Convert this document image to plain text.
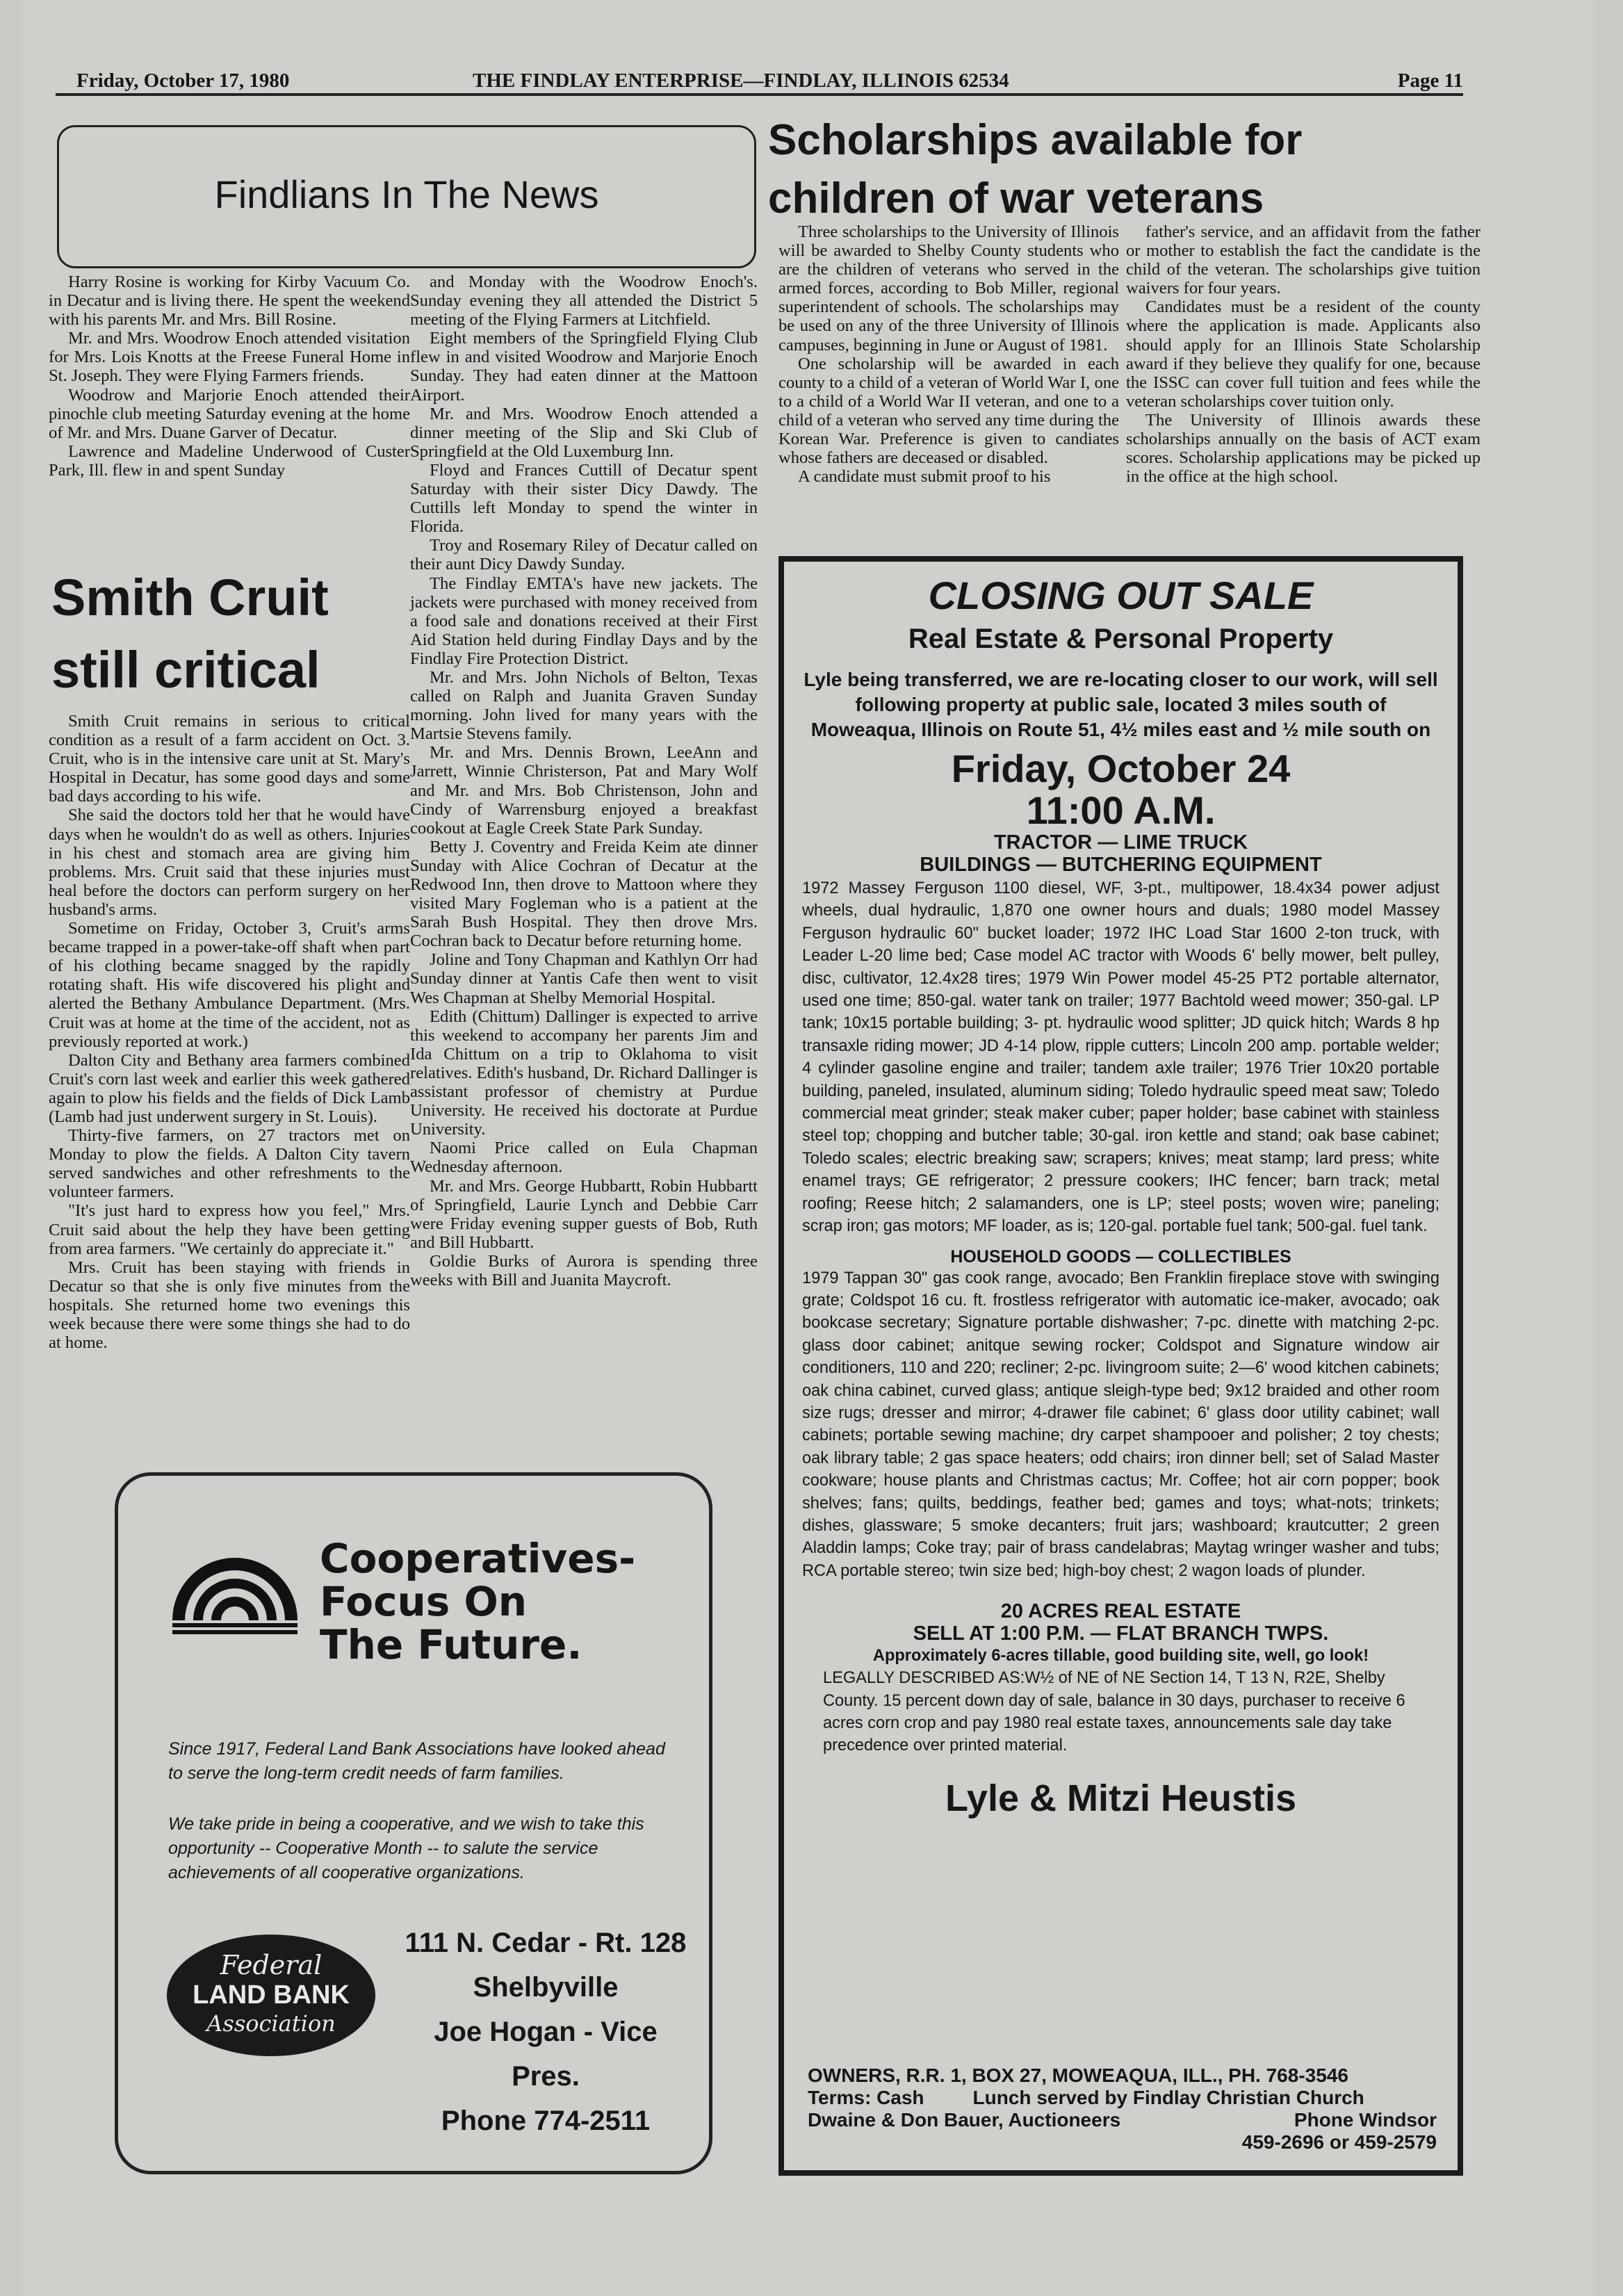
Friday, October 17, 1980	THE FINDLAY ENTERPRISE—FINDLAY, ILLINOIS 62534	Page 11
Findlians In The News

Harry Rosine is working for Kirby Vacuum Co. in Decatur and is living there. He spent the weekend with his parents Mr. and Mrs. Bill Rosine.

Mr. and Mrs. Woodrow Enoch attended visitation for Mrs. Lois Knotts at the Freese Funeral Home in St. Joseph. They were Flying Farmers friends.

Woodrow and Marjorie Enoch attended their pinochle club meeting Saturday evening at the home of Mr. and Mrs. Duane Garver of Decatur.

Lawrence and Madeline Underwood of Custer Park, Ill. flew in and spent Sunday

Smith Cruit
still critical

Smith Cruit remains in serious to critical condition as a result of a farm accident on Oct. 3. Cruit, who is in the intensive care unit at St. Mary's Hospital in Decatur, has some good days and some bad days according to his wife.

She said the doctors told her that he would have days when he wouldn't do as well as others. Injuries in his chest and stomach area are giving him problems. Mrs. Cruit said that these injuries must heal before the doctors can perform surgery on her husband's arms.

Sometime on Friday, October 3, Cruit's arms became trapped in a power-take-off shaft when part of his clothing became snagged by the rapidly rotating shaft. His wife discovered his plight and alerted the Bethany Ambulance Department. (Mrs. Cruit was at home at the time of the accident, not as previously reported at work.)

Dalton City and Bethany area farmers combined Cruit's corn last week and earlier this week gathered again to plow his fields and the fields of Dick Lamb (Lamb had just underwent surgery in St. Louis).

Thirty-five farmers, on 27 tractors met on Monday to plow the fields. A Dalton City tavern served sandwiches and other refreshments to the volunteer farmers.

"It's just hard to express how you feel," Mrs. Cruit said about the help they have been getting from area farmers. "We certainly do appreciate it."

Mrs. Cruit has been staying with friends in Decatur so that she is only five minutes from the hospitals. She returned home two evenings this week because there were some things she had to do at home.

and Monday with the Woodrow Enoch's. Sunday evening they all attended the District 5 meeting of the Flying Farmers at Litchfield.

Eight members of the Springfield Flying Club flew in and visited Woodrow and Marjorie Enoch Sunday. They had eaten dinner at the Mattoon Airport.

Mr. and Mrs. Woodrow Enoch attended a dinner meeting of the Slip and Ski Club of Springfield at the Old Luxemburg Inn.

Floyd and Frances Cuttill of Decatur spent Saturday with their sister Dicy Dawdy. The Cuttills left Monday to spend the winter in Florida.

Troy and Rosemary Riley of Decatur called on their aunt Dicy Dawdy Sunday.

The Findlay EMTA's have new jackets. The jackets were purchased with money received from a food sale and donations received at their First Aid Station held during Findlay Days and by the Findlay Fire Protection District.

Mr. and Mrs. John Nichols of Belton, Texas called on Ralph and Juanita Graven Sunday morning. John lived for many years with the Martsie Stevens family.

Mr. and Mrs. Dennis Brown, LeeAnn and Jarrett, Winnie Christerson, Pat and Mary Wolf and Mr. and Mrs. Bob Christenson, John and Cindy of Warrensburg enjoyed a breakfast cookout at Eagle Creek State Park Sunday.

Betty J. Coventry and Freida Keim ate dinner Sunday with Alice Cochran of Decatur at the Redwood Inn, then drove to Mattoon where they visited Mary Fogleman who is a patient at the Sarah Bush Hospital. They then drove Mrs. Cochran back to Decatur before returning home.

Joline and Tony Chapman and Kathlyn Orr had Sunday dinner at Yantis Cafe then went to visit Wes Chapman at Shelby Memorial Hospital.

Edith (Chittum) Dallinger is expected to arrive this weekend to accompany her parents Jim and Ida Chittum on a trip to Oklahoma to visit relatives. Edith's husband, Dr. Richard Dallinger is assistant professor of chemistry at Purdue University. He received his doctorate at Purdue University.

Naomi Price called on Eula Chapman Wednesday afternoon.

Mr. and Mrs. George Hubbartt, Robin Hubbartt of Springfield, Laurie Lynch and Debbie Carr were Friday evening supper guests of Bob, Ruth and Bill Hubbartt.

Goldie Burks of Aurora is spending three weeks with Bill and Juanita Maycroft.

Scholarships available for
children of war veterans

Three scholarships to the University of Illinois will be awarded to Shelby County students who are the children of veterans who served in the armed forces, according to Bob Miller, regional superintendent of schools. The scholarships may be used on any of the three University of Illinois campuses, beginning in June or August of 1981.

One scholarship will be awarded in each county to a child of a veteran of World War I, one to a child of a World War II veteran, and one to a child of a veteran who served any time during the Korean War. Preference is given to candiates whose fathers are deceased or disabled.

A candidate must submit proof to his

father's service, and an affidavit from the father or mother to establish the fact the candidate is the child of the veteran. The scholarships give tuition waivers for four years.

Candidates must be a resident of the county where the application is made. Applicants also should apply for an Illinois State Scholarship award if they believe they qualify for one, because the ISSC can cover full tuition and fees while the veteran scholarships cover tuition only.

The University of Illinois awards these scholarships annually on the basis of ACT exam scores. Scholarship applications may be picked up in the office at the high school.

CLOSING OUT SALE
Real Estate & Personal Property
Lyle being transferred, we are re-locating closer to our work, will sell following property at public sale, located 3 miles south of Moweaqua, Illinois on Route 51, 4½ miles east and ½ mile south on
Friday, October 24
11:00 A.M.
TRACTOR — LIME TRUCK
BUILDINGS — BUTCHERING EQUIPMENT
1972 Massey Ferguson 1100 diesel, WF, 3-pt., multipower, 18.4x34 power adjust wheels, dual hydraulic, 1,870 one owner hours and duals; 1980 model Massey Ferguson hydraulic 60" bucket loader; 1972 IHC Load Star 1600 2-ton truck, with Leader L-20 lime bed; Case model AC tractor with Woods 6' belly mower, belt pulley, disc, cultivator, 12.4x28 tires; 1979 Win Power model 45-25 PT2 portable alternator, used one time; 850-gal. water tank on trailer; 1977 Bachtold weed mower; 350-gal. LP tank; 10x15 portable building; 3- pt. hydraulic wood splitter; JD quick hitch; Wards 8 hp transaxle riding mower; JD 4-14 plow, ripple cutters; Lincoln 200 amp. portable welder; 4 cylinder gasoline engine and trailer; tandem axle trailer; 1976 Trier 10x20 portable building, paneled, insulated, aluminum siding; Toledo hydraulic speed meat saw; Toledo commercial meat grinder; steak maker cuber; paper holder; base cabinet with stainless steel top; chopping and butcher table; 30-gal. iron kettle and stand; oak base cabinet; Toledo scales; electric breaking saw; scrapers; knives; meat stamp; lard press; white enamel trays; GE refrigerator; 2 pressure cookers; IHC fencer; barn track; metal roofing; Reese hitch; 2 salamanders, one is LP; steel posts; woven wire; paneling; scrap iron; gas motors; MF loader, as is; 120-gal. portable fuel tank; 500-gal. fuel tank.
HOUSEHOLD GOODS — COLLECTIBLES
1979 Tappan 30" gas cook range, avocado; Ben Franklin fireplace stove with swinging grate; Coldspot 16 cu. ft. frostless refrigerator with automatic ice-maker, avocado; oak bookcase secretary; Signature portable dishwasher; 7-pc. dinette with matching 2-pc. glass door cabinet; anitque sewing rocker; Coldspot and Signature window air conditioners, 110 and 220; recliner; 2-pc. livingroom suite; 2—6' wood kitchen cabinets; oak china cabinet, curved glass; antique sleigh-type bed; 9x12 braided and other room size rugs; dresser and mirror; 4-drawer file cabinet; 6' glass door utility cabinet; wall cabinets; portable sewing machine; dry carpet shampooer and polisher; 2 toy chests; oak library table; 2 gas space heaters; odd chairs; iron dinner bell; set of Salad Master cookware; house plants and Christmas cactus; Mr. Coffee; hot air corn popper; book shelves; fans; quilts, beddings, feather bed; games and toys; what-nots; trinkets; dishes, glassware; 5 smoke decanters; fruit jars; washboard; krautcutter; 2 green Aladdin lamps; Coke tray; pair of brass candelabras; Maytag wringer washer and tubs; RCA portable stereo; twin size bed; high-boy chest; 2 wagon loads of plunder.
20 ACRES REAL ESTATE
SELL AT 1:00 P.M. — FLAT BRANCH TWPS.
Approximately 6-acres tillable, good building site, well, go look!
LEGALLY DESCRIBED AS:W½ of NE of NE Section 14, T 13 N, R2E, Shelby County. 15 percent down day of sale, balance in 30 days, purchaser to receive 6 acres corn crop and pay 1980 real estate taxes, announcements sale day take precedence over printed material.
Lyle & Mitzi Heustis
OWNERS, R.R. 1, BOX 27, MOWEAQUA, ILL., PH. 768-3546
Terms: Cash	Lunch served by Findlay Christian Church
Dwaine & Don Bauer, Auctioneers	Phone Windsor
459-2696 or 459-2579
Cooperatives-
Focus On
The Future.
Since 1917, Federal Land Bank Associations have looked ahead to serve the long-term credit needs of farm families.
We take pride in being a cooperative, and we wish to take this opportunity -- Cooperative Month -- to salute the service achievements of all cooperative organizations.
Federal
LAND BANK
Association
111 N. Cedar - Rt. 128
Shelbyville
Joe Hogan - Vice Pres.
Phone 774-2511
